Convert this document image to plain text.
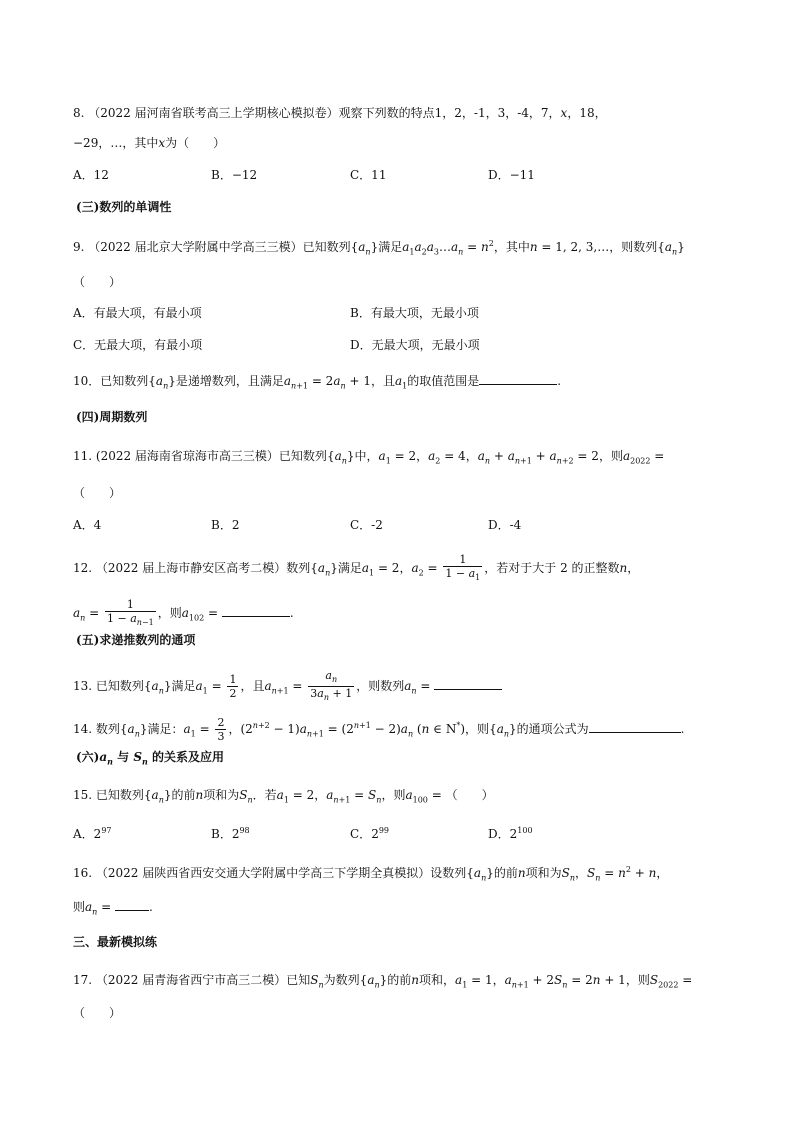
8. （2022 届河南省联考高三上学期核心模拟卷）观察下列数的特点1，2，-1，3，-4，7，x，18，
−29，…，其中x为（　　）
A．12	B．−12	C．11	D．−11
(三)数列的单调性
9. （2022 届北京大学附属中学高三三模）已知数列$\{a_n\}$满足$a_1a_2a_3\dots a_n = n^2$，其中n = 1, 2, 3,…，则数列$\{a_n\}$
（　　）
A．有最大项，有最小项	B．有最大项，无最小项
C．无最大项，有最小项	D．无最大项，无最小项
10．已知数列$\{a_n\}$是递增数列，且满足$a_{n+1} = 2a_n + 1$，且$a_1$的取值范围是	.
(四)周期数列
11. (2022 届海南省琼海市高三三模）已知数列$\{a_n\}$中，$a_1 = 2$，$a_2 = 4$，$a_n + a_{n+1} + a_{n+2} = 2$，则$a_{2022}$ =
（　　）
A．4	B．2	C．-2	D．-4
12. （2022 届上海市静安区高考二模）数列$\{a_n\}$满足$a_1 = 2$，$a_2 = \frac{1}{1 - a_1}$ ，若对于大于 2 的正整数n，
$a_n = \frac{1}{1 - a_{n-1}}$ ，则$a_{102}$ =	.
(五)求递推数列的通项
13. 已知数列$\{a_n\}$满足$a_1 = \frac{1}{2}$ ，且$a_{n+1} = \frac{a_n}{3a_n + 1}$ ，则数列$a_n$ =
14. 数列$\{a_n\}$满足：$a_1 = \frac{2}{3}$ ，$(2^{n+2} - 1)a_{n+1} = (2^{n+1} - 2)a_n$ (n ∈ N*)，则$\{a_n\}$的通项公式为	.
(六)$a_n$ 与 $S_n$ 的关系及应用
15. 已知数列$\{a_n\}$的前n项和为$S_n$．若$a_1 = 2$，$a_{n+1} = S_n$，则$a_{100}$ = （　　）
A．$2^{97}$	B．$2^{98}$	C．$2^{99}$	D．$2^{100}$
16. （2022 届陕西省西安交通大学附属中学高三下学期全真模拟）设数列$\{a_n\}$的前n项和为$S_n$，$S_n = n^2 + n$，
则$a_n$ =	.
三、最新模拟练
17. （2022 届青海省西宁市高三二模）已知$S_n$为数列$\{a_n\}$的前n项和，$a_1 = 1$，$a_{n+1} + 2S_n = 2n + 1$，则$S_{2022}$ =
（　　）
